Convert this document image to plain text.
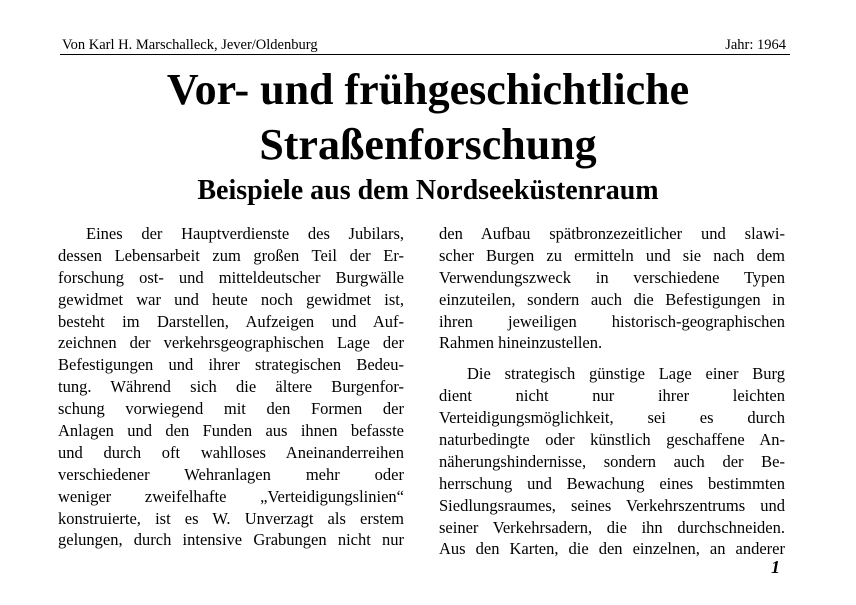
Von Karl H. Marschalleck, Jever/Oldenburg	Jahr: 1964
Vor- und frühgeschichtliche
Straßenforschung
Beispiele aus dem Nordseeküstenraum
Eines der Hauptverdienste des Jubilars,
dessen Lebensarbeit zum großen Teil der Er-
forschung ost- und mitteldeutscher Burgwälle
gewidmet war und heute noch gewidmet ist,
besteht im Darstellen, Aufzeigen und Auf-
zeichnen der verkehrsgeographischen Lage der
Befestigungen und ihrer strategischen Bedeu-
tung. Während sich die ältere Burgenfor-
schung vorwiegend mit den Formen der
Anlagen und den Funden aus ihnen befasste
und durch oft wahlloses Aneinanderreihen
verschiedener Wehranlagen mehr oder
weniger zweifelhafte „Verteidigungslinien“
konstruierte, ist es W. Unverzagt als erstem
gelungen, durch intensive Grabungen nicht nur
den Aufbau spätbronzezeitlicher und slawi-
scher Burgen zu ermitteln und sie nach dem
Verwendungszweck in verschiedene Typen
einzuteilen, sondern auch die Befestigungen in
ihren jeweiligen historisch-geographischen
Rahmen hineinzustellen.
Die strategisch günstige Lage einer Burg
dient nicht nur ihrer leichten
Verteidigungsmöglichkeit, sei es durch
naturbedingte oder künstlich geschaffene An-
näherungshindernisse, sondern auch der Be-
herrschung und Bewachung eines bestimmten
Siedlungsraumes, seines Verkehrszentrums und
seiner Verkehrsadern, die ihn durchschneiden.
Aus den Karten, die den einzelnen, an anderer
1
